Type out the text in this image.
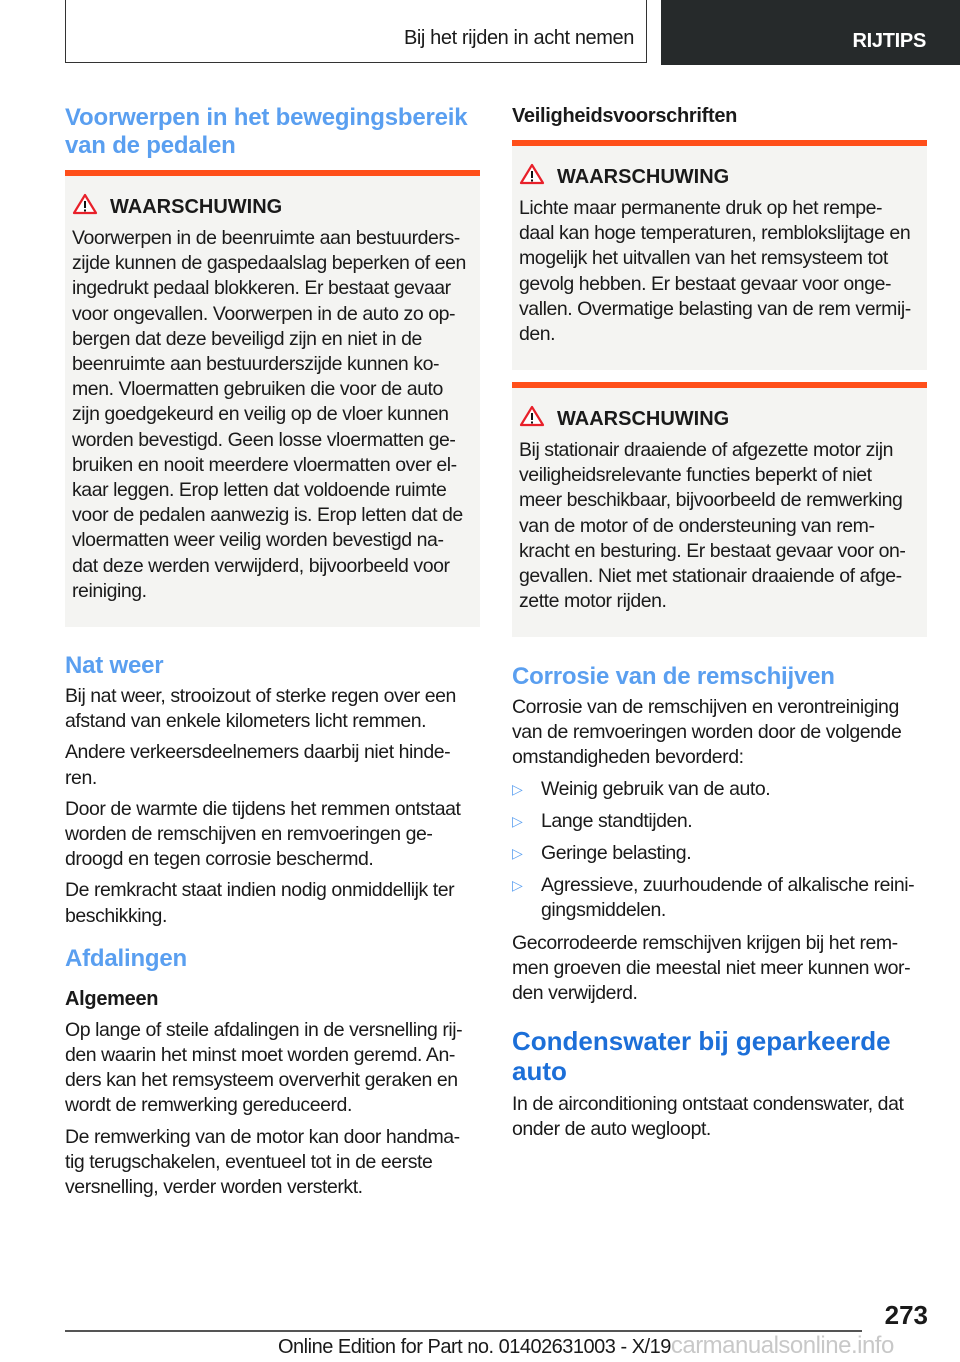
Bij het rijden in acht nemen	RIJTIPS
Voorwerpen in het bewegingsbereik
van de pedalen
WAARSCHUWING
Voorwerpen in de beenruimte aan bestuurders-
zijde kunnen de gaspedaalslag beperken of een
ingedrukt pedaal blokkeren. Er bestaat gevaar
voor ongevallen. Voorwerpen in de auto zo op-
bergen dat deze beveiligd zijn en niet in de
beenruimte aan bestuurderszijde kunnen ko-
men. Vloermatten gebruiken die voor de auto
zijn goedgekeurd en veilig op de vloer kunnen
worden bevestigd. Geen losse vloermatten ge-
bruiken en nooit meerdere vloermatten over el-
kaar leggen. Erop letten dat voldoende ruimte
voor de pedalen aanwezig is. Erop letten dat de
vloermatten weer veilig worden bevestigd na-
dat deze werden verwijderd, bijvoorbeeld voor
reiniging.
Nat weer
Bij nat weer, strooizout of sterke regen over een
afstand van enkele kilometers licht remmen.
Andere verkeersdeelnemers daarbij niet hinde-
ren.
Door de warmte die tijdens het remmen ontstaat
worden de remschijven en remvoeringen ge-
droogd en tegen corrosie beschermd.
De remkracht staat indien nodig onmiddellijk ter
beschikking.
Afdalingen
Algemeen
Op lange of steile afdalingen in de versnelling rij-
den waarin het minst moet worden geremd. An-
ders kan het remsysteem oververhit geraken en
wordt de remwerking gereduceerd.
De remwerking van de motor kan door handma-
tig terugschakelen, eventueel tot in de eerste
versnelling, verder worden versterkt.
Veiligheidsvoorschriften
WAARSCHUWING
Lichte maar permanente druk op het rempe-
daal kan hoge temperaturen, remblokslijtage en
mogelijk het uitvallen van het remsysteem tot
gevolg hebben. Er bestaat gevaar voor onge-
vallen. Overmatige belasting van de rem vermij-
den.
WAARSCHUWING
Bij stationair draaiende of afgezette motor zijn
veiligheidsrelevante functies beperkt of niet
meer beschikbaar, bijvoorbeeld de remwerking
van de motor of de ondersteuning van rem-
kracht en besturing. Er bestaat gevaar voor on-
gevallen. Niet met stationair draaiende of afge-
zette motor rijden.
Corrosie van de remschijven
Corrosie van de remschijven en verontreiniging
van de remvoeringen worden door de volgende
omstandigheden bevorderd:
▷ Weinig gebruik van de auto.
▷ Lange standtijden.
▷ Geringe belasting.
▷ Agressieve, zuurhoudende of alkalische reini-
gingsmiddelen.
Gecorrodeerde remschijven krijgen bij het rem-
men groeven die meestal niet meer kunnen wor-
den verwijderd.
Condenswater bij geparkeerde
auto
In de airconditioning ontstaat condenswater, dat
onder de auto wegloopt.
273
Online Edition for Part no. 01402631003 - X/19carmanualsonline.info
